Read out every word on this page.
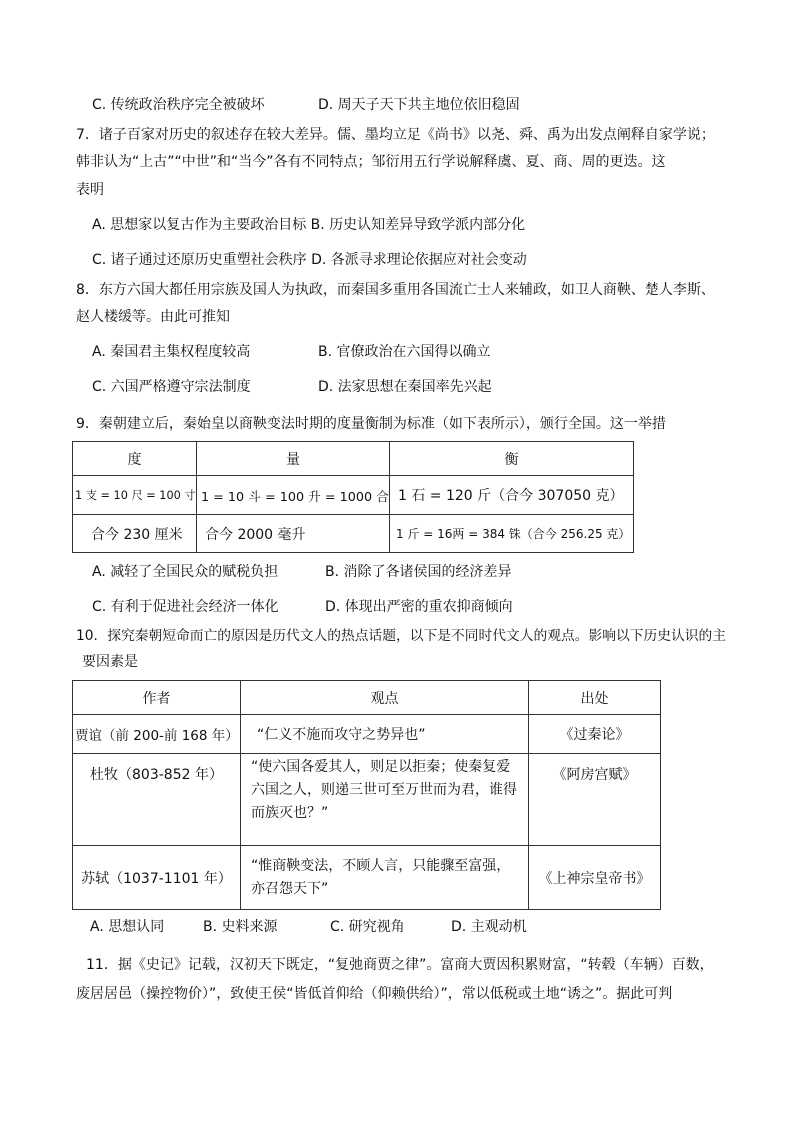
C. 传统政治秩序完全被破坏	D. 周天子天下共主地位依旧稳固
7．诸子百家对历史的叙述存在较大差异。儒、墨均立足《尚书》以尧、舜、禹为出发点阐释自家学说；
韩非认为“上古”“中世”和“当今”各有不同特点；邹衍用五行学说解释虞、夏、商、周的更迭。这
表明
A. 思想家以复古作为主要政治目标 B. 历史认知差异导致学派内部分化
C. 诸子通过还原历史重塑社会秩序 D. 各派寻求理论依据应对社会变动
8．东方六国大都任用宗族及国人为执政，而秦国多重用各国流亡士人来辅政，如卫人商鞅、楚人李斯、
赵人楼缓等。由此可推知
A. 秦国君主集权程度较高	B. 官僚政治在六国得以确立
C. 六国严格遵守宗法制度	D. 法家思想在秦国率先兴起
9．秦朝建立后，秦始皇以商鞅变法时期的度量衡制为标准（如下表所示），颁行全国。这一举措
度	量	衡
1 支 = 10 尺 = 100 寸	1 = 10 斗 = 100 升 = 1000 合	1 石 = 120 斤（合今 307050 克）
合今 230 厘米	合今 2000 毫升	1 斤 = 16两 = 384 铢（合今 256.25 克）
A. 减轻了全国民众的赋税负担	B. 消除了各诸侯国的经济差异
C. 有利于促进社会经济一体化	D. 体现出严密的重农抑商倾向
10．探究秦朝短命而亡的原因是历代文人的热点话题，以下是不同时代文人的观点。影响以下历史认识的主
要因素是
作者	观点	出处
贾谊（前 200-前 168 年）	“仁义不施而攻守之势异也”	《过秦论》
杜牧（803-852 年）	“使六国各爱其人，则足以拒秦；使秦复爱六国之人，则递三世可至万世而为君，谁得而族灭也？”	《阿房宫赋》
苏轼（1037-1101 年）	“惟商鞅变法，不顾人言，只能骤至富强，亦召怨天下”	《上神宗皇帝书》
A. 思想认同	B. 史料来源	C. 研究视角	D. 主观动机
11．据《史记》记载，汉初天下既定，“复弛商贾之律”。富商大贾因积累财富，“转毂（车辆）百数，
废居居邑（操控物价）”，致使王侯“皆低首仰给（仰赖供给）”，常以低税或土地“诱之”。据此可判
